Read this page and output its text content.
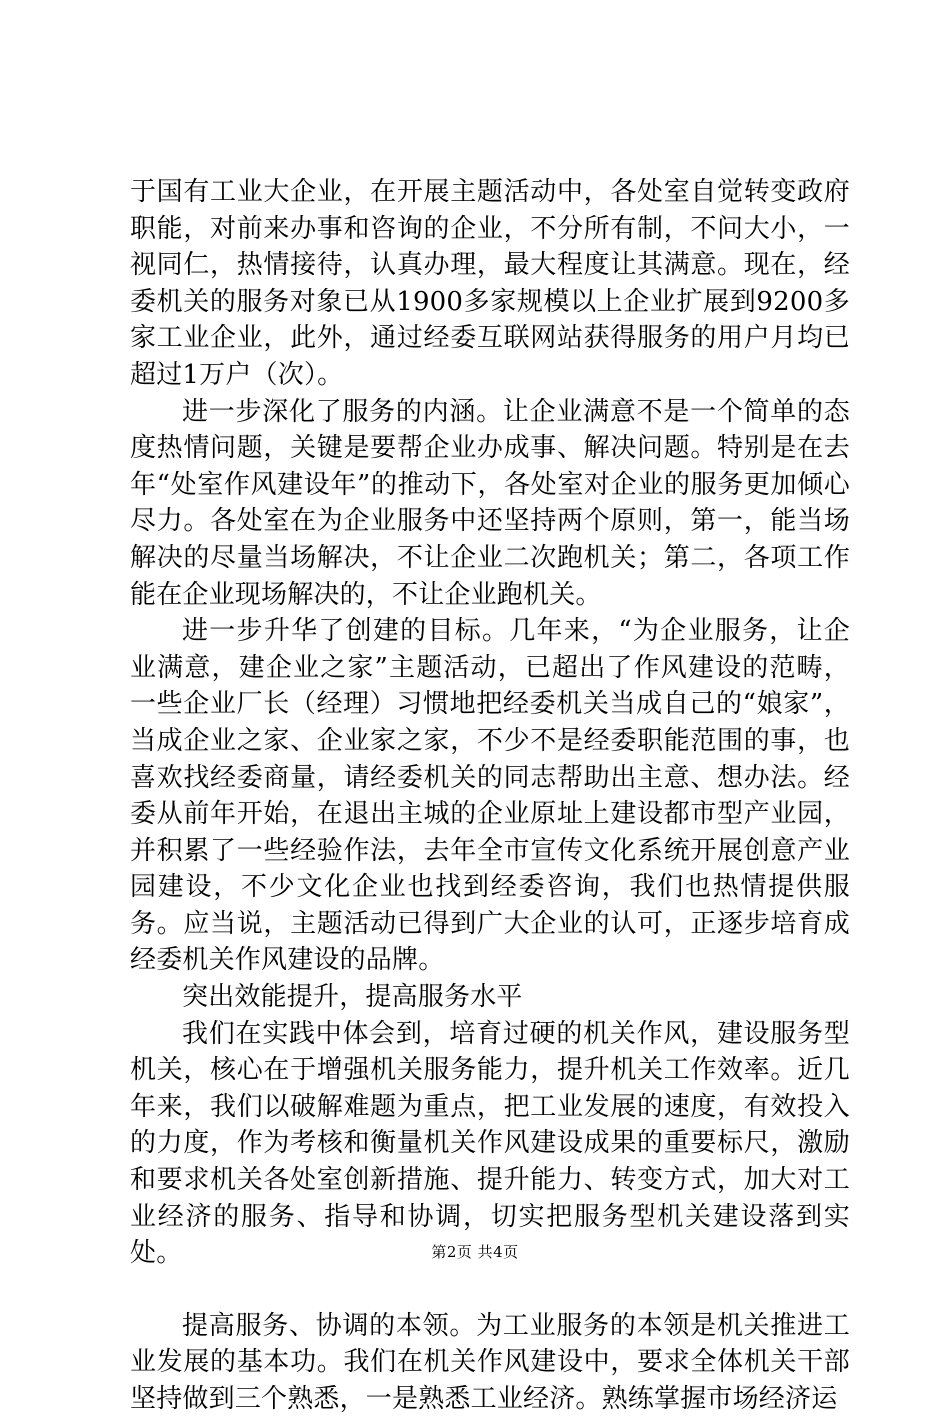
于国有工业大企业，在开展主题活动中，各处室自觉转变政府职能，对前来办事和咨询的企业，不分所有制，不问大小，一视同仁，热情接待，认真办理，最大程度让其满意。现在，经委机关的服务对象已从1900多家规模以上企业扩展到9200多家工业企业，此外，通过经委互联网站获得服务的用户月均已超过1万户（次）。

进一步深化了服务的内涵。让企业满意不是一个简单的态度热情问题，关键是要帮企业办成事、解决问题。特别是在去年“处室作风建设年”的推动下，各处室对企业的服务更加倾心尽力。各处室在为企业服务中还坚持两个原则，第一，能当场解决的尽量当场解决，不让企业二次跑机关；第二，各项工作能在企业现场解决的，不让企业跑机关。

进一步升华了创建的目标。几年来，“为企业服务，让企业满意，建企业之家”主题活动，已超出了作风建设的范畴，一些企业厂长（经理）习惯地把经委机关当成自己的“娘家”，当成企业之家、企业家之家，不少不是经委职能范围的事，也喜欢找经委商量，请经委机关的同志帮助出主意、想办法。经委从前年开始，在退出主城的企业原址上建设都市型产业园，并积累了一些经验作法，去年全市宣传文化系统开展创意产业园建设，不少文化企业也找到经委咨询，我们也热情提供服务。应当说，主题活动已得到广大企业的认可，正逐步培育成经委机关作风建设的品牌。

突出效能提升，提高服务水平

我们在实践中体会到，培育过硬的机关作风，建设服务型机关，核心在于增强机关服务能力，提升机关工作效率。近几年来，我们以破解难题为重点，把工业发展的速度，有效投入的力度，作为考核和衡量机关作风建设成果的重要标尺，激励和要求机关各处室创新措施、提升能力、转变方式，加大对工业经济的服务、指导和协调，切实把服务型机关建设落到实处。

提高服务、协调的本领。为工业服务的本领是机关推进工业发展的基本功。我们在机关作风建设中，要求全体机关干部坚持做到三个熟悉，一是熟悉工业经济。熟练掌握市场经济运

第2页 共4页
